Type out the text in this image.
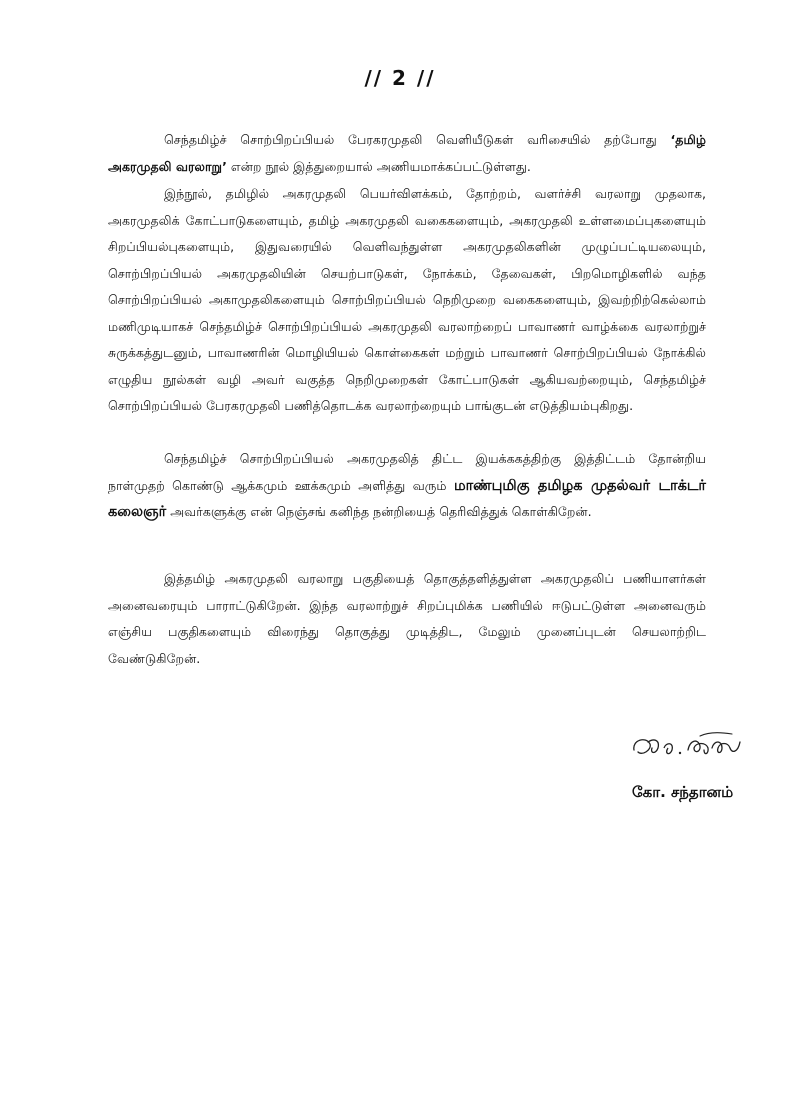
// 2 //

செந்தமிழ்ச் சொற்பிறப்பியல் பேரகரமுதலி வெளியீடுகள் வரிசையில் தற்போது ‘தமிழ் அகரமுதலி வரலாறு’ என்ற நூல் இத்துறையால் அணியமாக்கப்பட்டுள்ளது.

இந்நூல், தமிழில் அகரமுதலி பெயர்விளக்கம், தோற்றம், வளர்ச்சி வரலாறு முதலாக, அகரமுதலிக் கோட்பாடுகளையும், தமிழ் அகரமுதலி வகைகளையும், அகரமுதலி உள்ளமைப்புகளையும் சிறப்பியல்புகளையும், இதுவரையில் வெளிவந்துள்ள அகரமுதலிகளின் முழுப்பட்டியலையும், சொற்பிறப்பியல் அகரமுதலியின் செயற்பாடுகள், நோக்கம், தேவைகள், பிறமொழிகளில் வந்த சொற்பிறப்பியல் அகாமுதலிகளையும் சொற்பிறப்பியல் நெறிமுறை வகைகளையும், இவற்றிற்கெல்லாம் மணிமுடியாகச் செந்தமிழ்ச் சொற்பிறப்பியல் அகரமுதலி வரலாற்றைப் பாவாணர் வாழ்க்கை வரலாற்றுச் சுருக்கத்துடனும், பாவாணரின் மொழியியல் கொள்கைகள் மற்றும் பாவாணர் சொற்பிறப்பியல் நோக்கில் எழுதிய நூல்கள் வழி அவர் வகுத்த நெறிமுறைகள் கோட்பாடுகள் ஆகியவற்றையும், செந்தமிழ்ச் சொற்பிறப்பியல் பேரகரமுதலி பணித்தொடக்க வரலாற்றையும் பாங்குடன் எடுத்தியம்புகிறது.

செந்தமிழ்ச் சொற்பிறப்பியல் அகரமுதலித் திட்ட இயக்ககத்திற்கு இத்திட்டம் தோன்றிய நாள்முதற் கொண்டு ஆக்கமும் ஊக்கமும் அளித்து வரும் மாண்புமிகு தமிழக முதல்வர் டாக்டர் கலைஞர் அவர்களுக்கு என் நெஞ்சங் கனிந்த நன்றியைத் தெரிவித்துக் கொள்கிறேன்.

இத்தமிழ் அகரமுதலி வரலாறு பகுதியைத் தொகுத்தளித்துள்ள அகரமுதலிப் பணியாளர்கள் அனைவரையும் பாராட்டுகிறேன். இந்த வரலாற்றுச் சிறப்புமிக்க பணியில் ஈடுபட்டுள்ள அனைவரும் எஞ்சிய பகுதிகளையும் விரைந்து தொகுத்து முடித்திட, மேலும் முனைப்புடன் செயலாற்றிட வேண்டுகிறேன்.

கோ. சந்தானம்
